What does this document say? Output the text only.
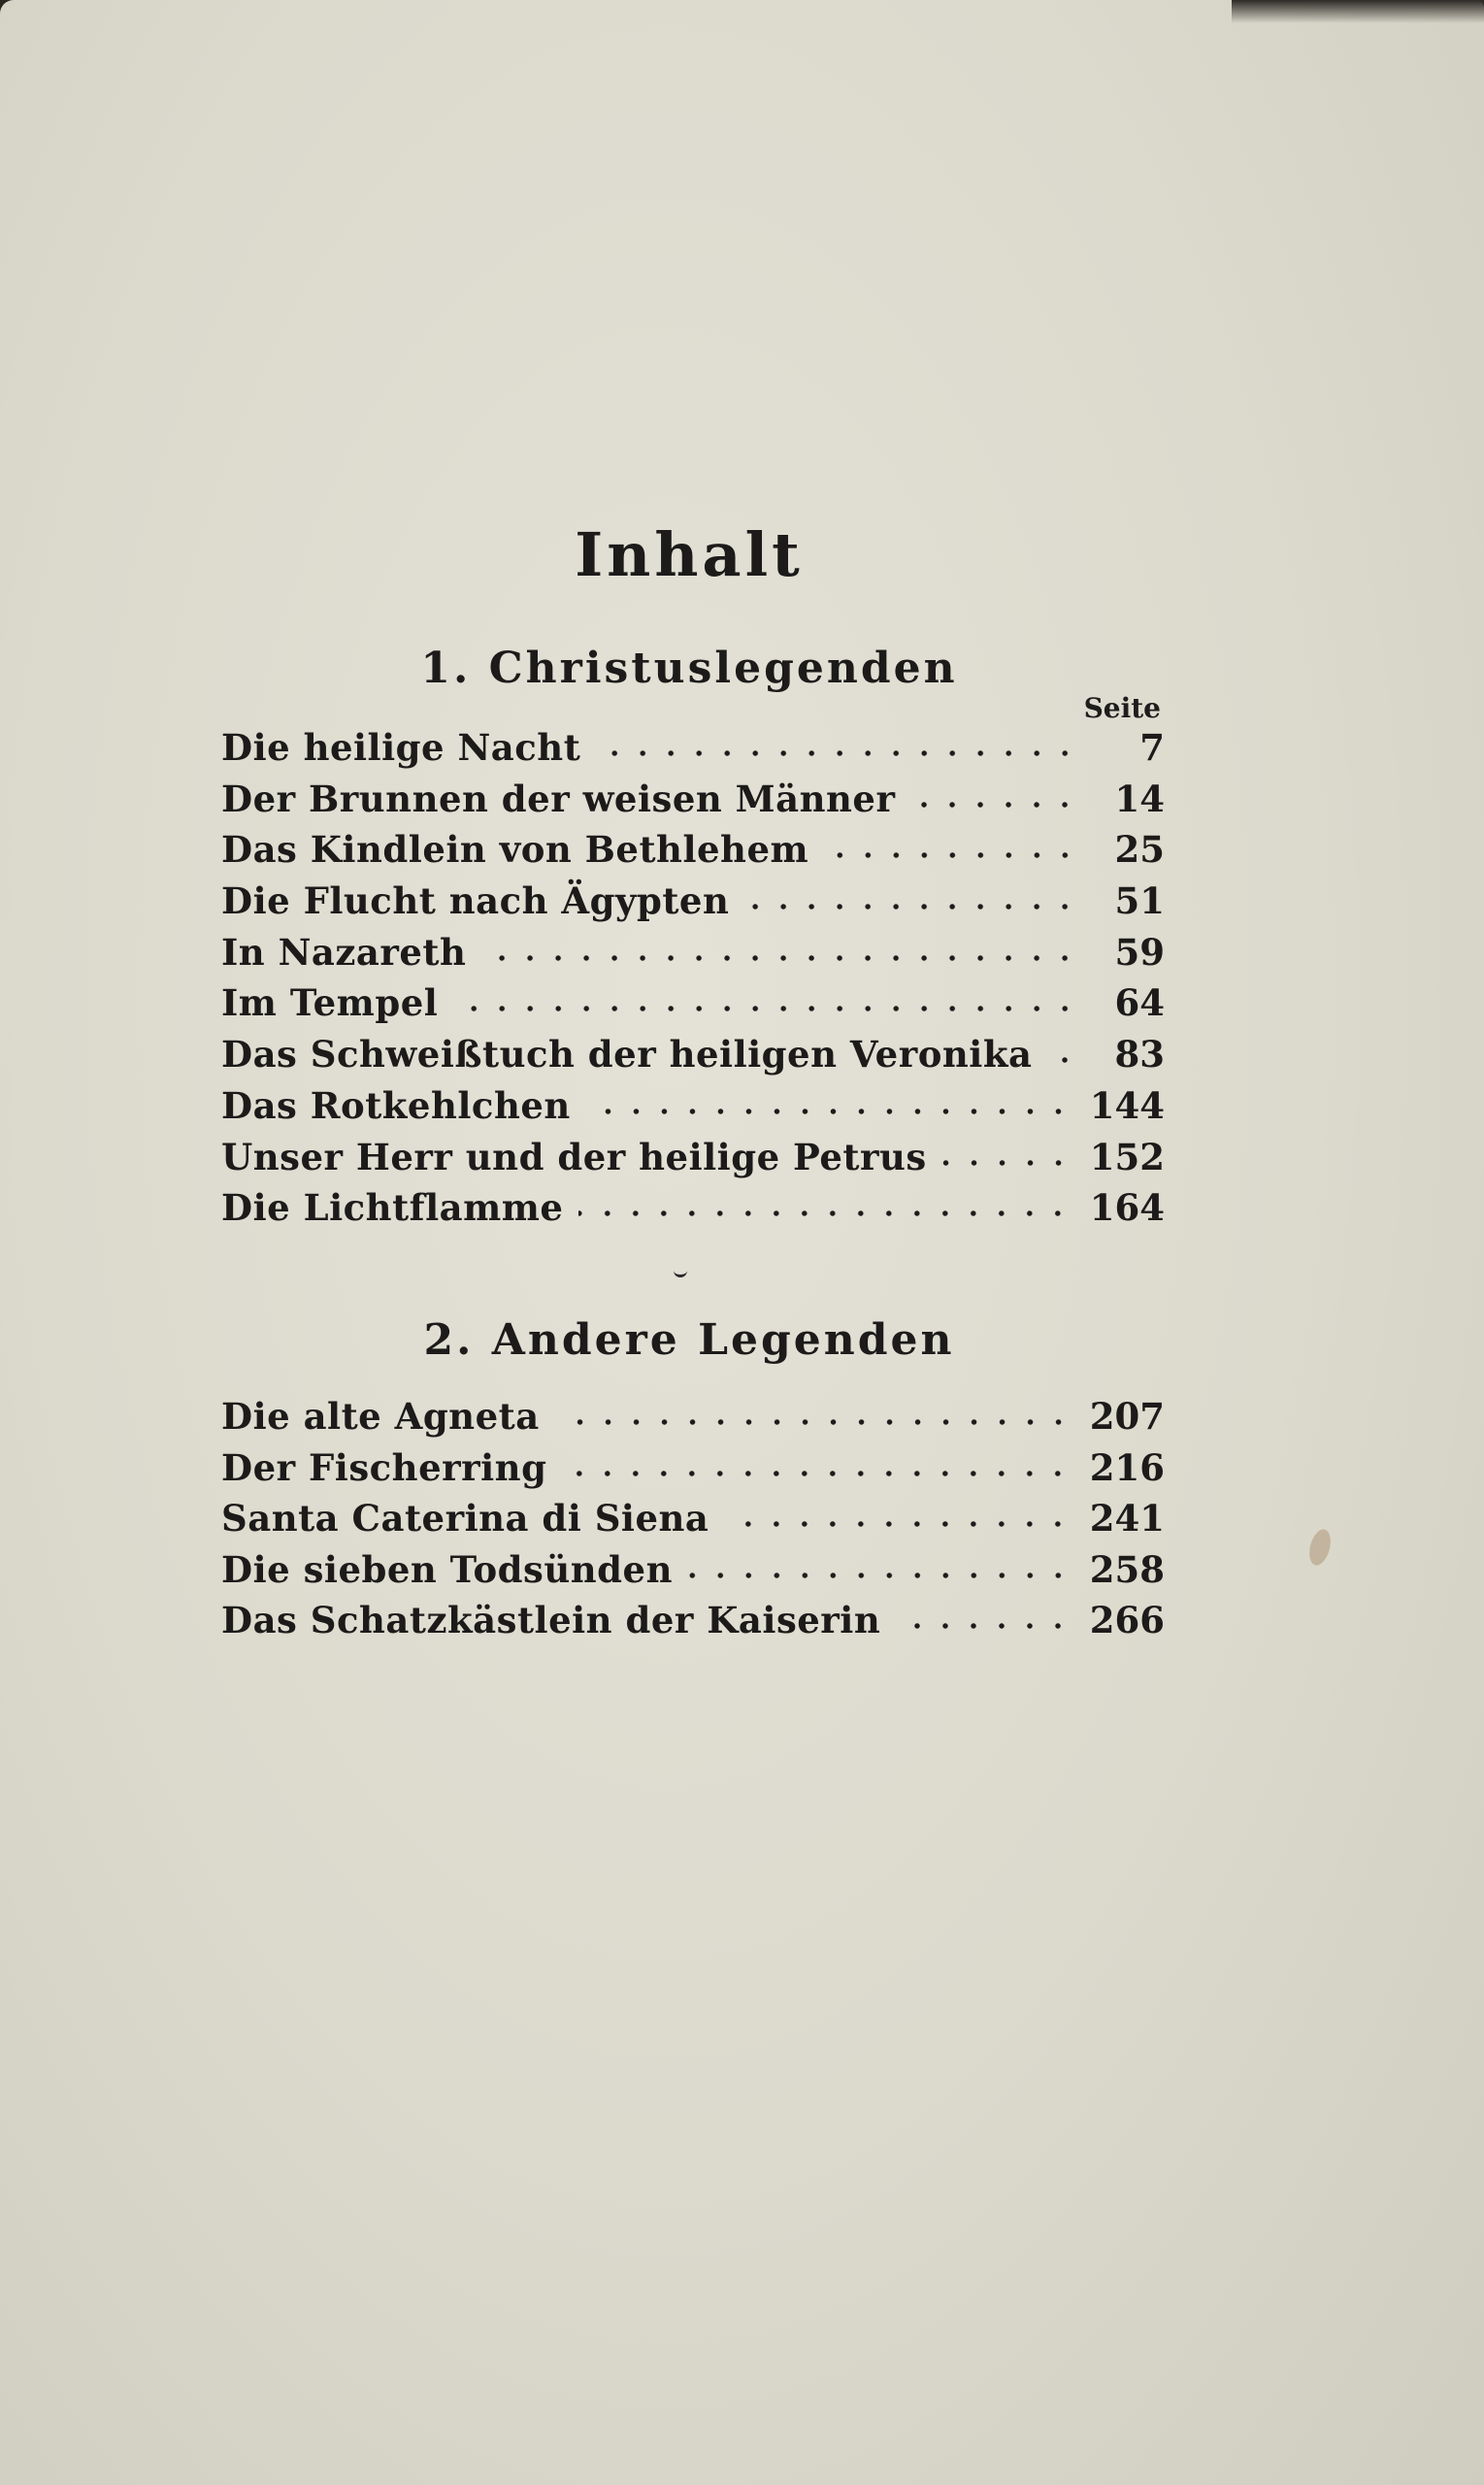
Inhalt
1. Christuslegenden
Seite
Die heilige Nacht	7
Der Brunnen der weisen Männer	14
Das Kindlein von Bethlehem	25
Die Flucht nach Ägypten	51
In Nazareth	59
Im Tempel	64
Das Schweißtuch der heiligen Veronika	83
Das Rotkehlchen	144
Unser Herr und der heilige Petrus	152
Die Lichtflamme	164
2. Andere Legenden
Die alte Agneta	207
Der Fischerring	216
Santa Caterina di Siena	241
Die sieben Todsünden	258
Das Schatzkästlein der Kaiserin	266
